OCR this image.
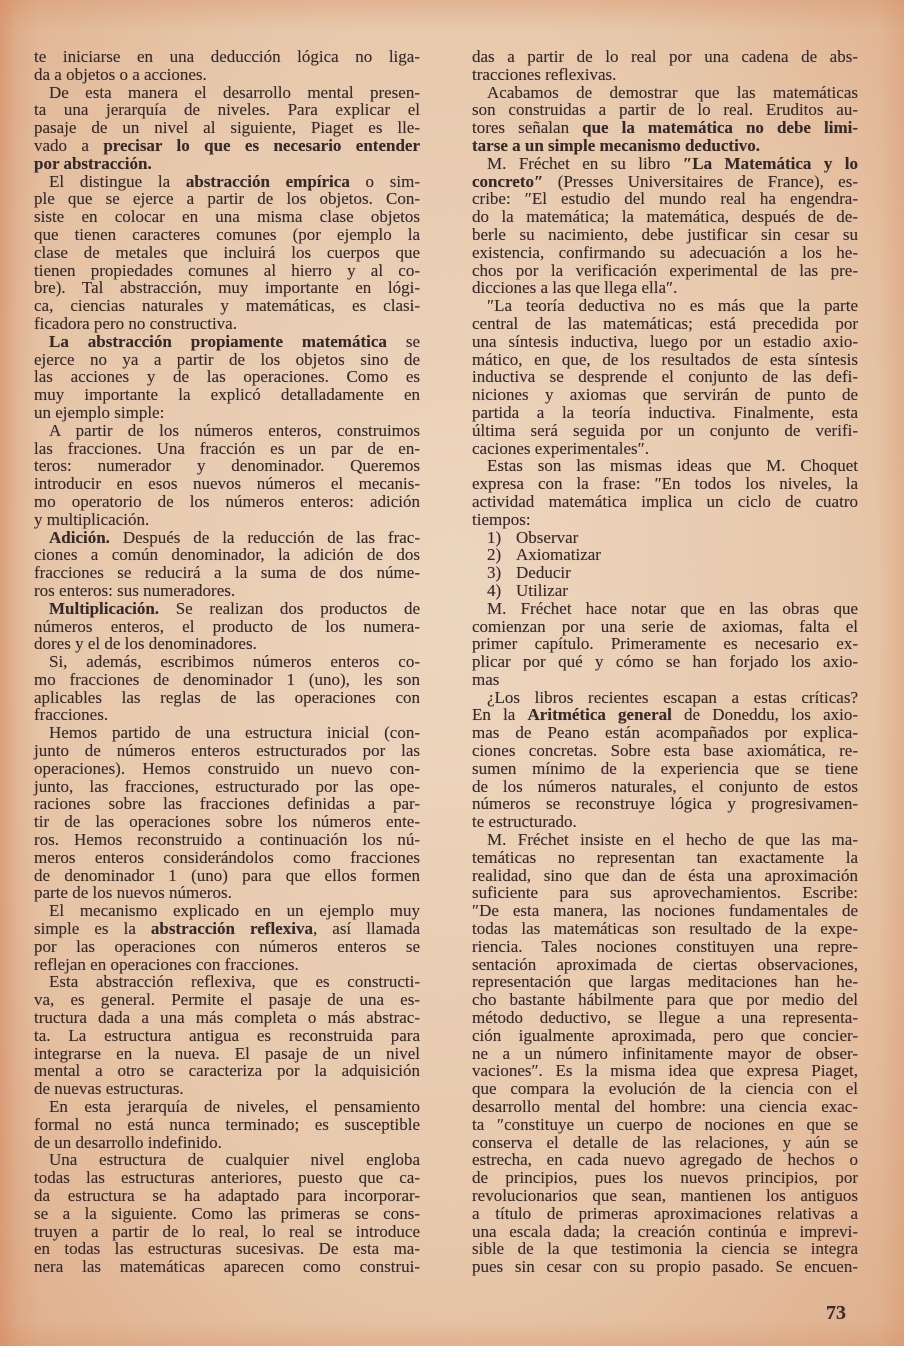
te iniciarse en una deducción lógica no liga-
da a objetos o a acciones.
De esta manera el desarrollo mental presen-
ta una jerarquía de niveles. Para explicar el
pasaje de un nivel al siguiente, Piaget es lle-
vado a precisar lo que es necesario entender
por abstracción.
El distingue la abstracción empírica o sim-
ple que se ejerce a partir de los objetos. Con-
siste en colocar en una misma clase objetos
que tienen caracteres comunes (por ejemplo la
clase de metales que incluirá los cuerpos que
tienen propiedades comunes al hierro y al co-
bre). Tal abstracción, muy importante en lógi-
ca, ciencias naturales y matemáticas, es clasi-
ficadora pero no constructiva.
La abstracción propiamente matemática se
ejerce no ya a partir de los objetos sino de
las acciones y de las operaciones. Como es
muy importante la explicó detalladamente en
un ejemplo simple:
A partir de los números enteros, construimos
las fracciones. Una fracción es un par de en-
teros: numerador y denominador. Queremos
introducir en esos nuevos números el mecanis-
mo operatorio de los números enteros: adición
y multiplicación.
Adición. Después de la reducción de las frac-
ciones a común denominador, la adición de dos
fracciones se reducirá a la suma de dos núme-
ros enteros: sus numeradores.
Multiplicación. Se realizan dos productos de
números enteros, el producto de los numera-
dores y el de los denominadores.
Si, además, escribimos números enteros co-
mo fracciones de denominador 1 (uno), les son
aplicables las reglas de las operaciones con
fracciones.
Hemos partido de una estructura inicial (con-
junto de números enteros estructurados por las
operaciones). Hemos construido un nuevo con-
junto, las fracciones, estructurado por las ope-
raciones sobre las fracciones definidas a par-
tir de las operaciones sobre los números ente-
ros. Hemos reconstruido a continuación los nú-
meros enteros considerándolos como fracciones
de denominador 1 (uno) para que ellos formen
parte de los nuevos números.
El mecanismo explicado en un ejemplo muy
simple es la abstracción reflexiva, así llamada
por las operaciones con números enteros se
reflejan en operaciones con fracciones.
Esta abstracción reflexiva, que es constructi-
va, es general. Permite el pasaje de una es-
tructura dada a una más completa o más abstrac-
ta. La estructura antigua es reconstruida para
integrarse en la nueva. El pasaje de un nivel
mental a otro se caracteriza por la adquisición
de nuevas estructuras.
En esta jerarquía de niveles, el pensamiento
formal no está nunca terminado; es susceptible
de un desarrollo indefinido.
Una estructura de cualquier nivel engloba
todas las estructuras anteriores, puesto que ca-
da estructura se ha adaptado para incorporar-
se a la siguiente. Como las primeras se cons-
truyen a partir de lo real, lo real se introduce
en todas las estructuras sucesivas. De esta ma-
nera las matemáticas aparecen como construi-
das a partir de lo real por una cadena de abs-
tracciones reflexivas.
Acabamos de demostrar que las matemáticas
son construidas a partir de lo real. Eruditos au-
tores señalan que la matemática no debe limi-
tarse a un simple mecanismo deductivo.
M. Fréchet en su libro ″La Matemática y lo
concreto″ (Presses Universitaires de France), es-
cribe: ″El estudio del mundo real ha engendra-
do la matemática; la matemática, después de de-
berle su nacimiento, debe justificar sin cesar su
existencia, confirmando su adecuación a los he-
chos por la verificación experimental de las pre-
dicciones a las que llega ella″.
″La teoría deductiva no es más que la parte
central de las matemáticas; está precedida por
una síntesis inductiva, luego por un estadio axio-
mático, en que, de los resultados de esta síntesis
inductiva se desprende el conjunto de las defi-
niciones y axiomas que servirán de punto de
partida a la teoría inductiva. Finalmente, esta
última será seguida por un conjunto de verifi-
caciones experimentales″.
Estas son las mismas ideas que M. Choquet
expresa con la frase: ″En todos los niveles, la
actividad matemática implica un ciclo de cuatro
tiempos:
1) Observar
2) Axiomatizar
3) Deducir
4) Utilizar
M. Fréchet hace notar que en las obras que
comienzan por una serie de axiomas, falta el
primer capítulo. Primeramente es necesario ex-
plicar por qué y cómo se han forjado los axio-
mas
¿Los libros recientes escapan a estas críticas?
En la Aritmética general de Doneddu, los axio-
mas de Peano están acompañados por explica-
ciones concretas. Sobre esta base axiomática, re-
sumen mínimo de la experiencia que se tiene
de los números naturales, el conjunto de estos
números se reconstruye lógica y progresivamen-
te estructurado.
M. Fréchet insiste en el hecho de que las ma-
temáticas no representan tan exactamente la
realidad, sino que dan de ésta una aproximación
suficiente para sus aprovechamientos. Escribe:
″De esta manera, las nociones fundamentales de
todas las matemáticas son resultado de la expe-
riencia. Tales nociones constituyen una repre-
sentación aproximada de ciertas observaciones,
representación que largas meditaciones han he-
cho bastante hábilmente para que por medio del
método deductivo, se llegue a una representa-
ción igualmente aproximada, pero que concier-
ne a un número infinitamente mayor de obser-
vaciones″. Es la misma idea que expresa Piaget,
que compara la evolución de la ciencia con el
desarrollo mental del hombre: una ciencia exac-
ta ″constituye un cuerpo de nociones en que se
conserva el detalle de las relaciones, y aún se
estrecha, en cada nuevo agregado de hechos o
de principios, pues los nuevos principios, por
revolucionarios que sean, mantienen los antiguos
a título de primeras aproximaciones relativas a
una escala dada; la creación continúa e imprevi-
sible de la que testimonia la ciencia se integra
pues sin cesar con su propio pasado. Se encuen-
73
